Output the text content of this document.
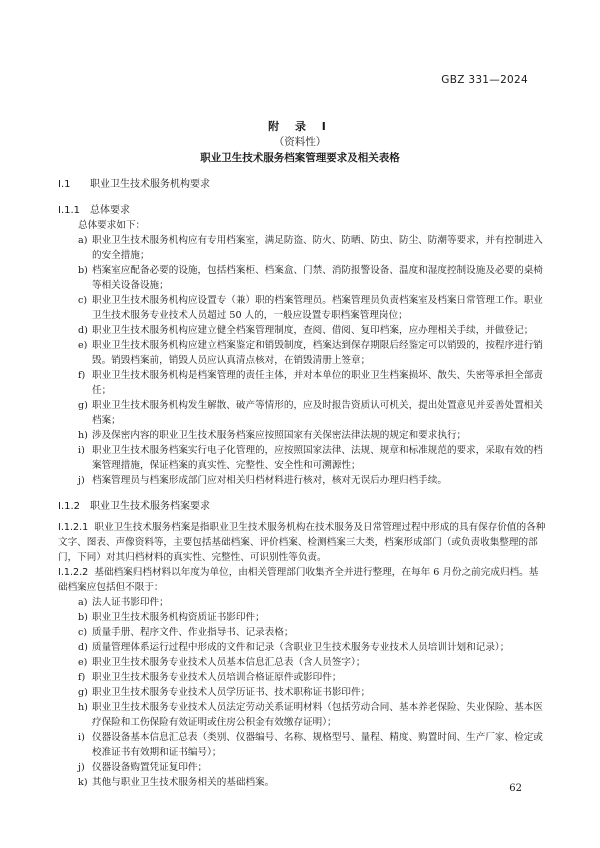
GBZ 331—2024
附 录 I
（资料性）
职业卫生技术服务档案管理要求及相关表格
I.1 职业卫生技术服务机构要求
I.1.1 总体要求
总体要求如下：
a) 职业卫生技术服务机构应有专用档案室，满足防盗、防火、防晒、防虫、防尘、防潮等要求，并有控制进入的安全措施；
b) 档案室应配备必要的设施，包括档案柜、档案盒、门禁、消防报警设备、温度和湿度控制设施及必要的桌椅等相关设备设施；
c) 职业卫生技术服务机构应设置专（兼）职的档案管理员。档案管理员负责档案室及档案日常管理工作。职业卫生技术服务专业技术人员超过 50 人的，一般应设置专职档案管理岗位；
d) 职业卫生技术服务机构应建立健全档案管理制度，查阅、借阅、复印档案，应办理相关手续，并做登记；
e) 职业卫生技术服务机构应建立档案鉴定和销毁制度，档案达到保存期限后经鉴定可以销毁的，按程序进行销毁。销毁档案前，销毁人员应认真清点核对，在销毁清册上签章；
f) 职业卫生技术服务机构是档案管理的责任主体，并对本单位的职业卫生档案损坏、散失、失密等承担全部责任；
g) 职业卫生技术服务机构发生解散、破产等情形的，应及时报告资质认可机关，提出处置意见并妥善处置相关档案；
h) 涉及保密内容的职业卫生技术服务档案应按照国家有关保密法律法规的规定和要求执行；
i) 职业卫生技术服务档案实行电子化管理的，应按照国家法律、法规、规章和标准规范的要求，采取有效的档案管理措施，保证档案的真实性、完整性、安全性和可溯源性；
j) 档案管理员与档案形成部门应对相关归档材料进行核对，核对无误后办理归档手续。
I.1.2 职业卫生技术服务档案要求
I.1.2.1 职业卫生技术服务档案是指职业卫生技术服务机构在技术服务及日常管理过程中形成的具有保存价值的各种文字、图表、声像资料等，主要包括基础档案、评价档案、检测档案三大类，档案形成部门（或负责收集整理的部门，下同）对其归档材料的真实性、完整性、可识别性等负责。
I.1.2.2 基础档案归档材料以年度为单位，由相关管理部门收集齐全并进行整理，在每年 6 月份之前完成归档。基础档案应包括但不限于：
a) 法人证书影印件；
b) 职业卫生技术服务机构资质证书影印件；
c) 质量手册、程序文件、作业指导书、记录表格；
d) 质量管理体系运行过程中形成的文件和记录（含职业卫生技术服务专业技术人员培训计划和记录）；
e) 职业卫生技术服务专业技术人员基本信息汇总表（含人员签字）；
f) 职业卫生技术服务专业技术人员培训合格证原件或影印件；
g) 职业卫生技术服务专业技术人员学历证书、技术职称证书影印件；
h) 职业卫生技术服务专业技术人员法定劳动关系证明材料（包括劳动合同、基本养老保险、失业保险、基本医疗保险和工伤保险有效证明或住房公积金有效缴存证明）；
i) 仪器设备基本信息汇总表（类别、仪器编号、名称、规格型号、量程、精度、购置时间、生产厂家、检定或校准证书有效期和证书编号）；
j) 仪器设备购置凭证复印件；
k) 其他与职业卫生技术服务相关的基础档案。
62
